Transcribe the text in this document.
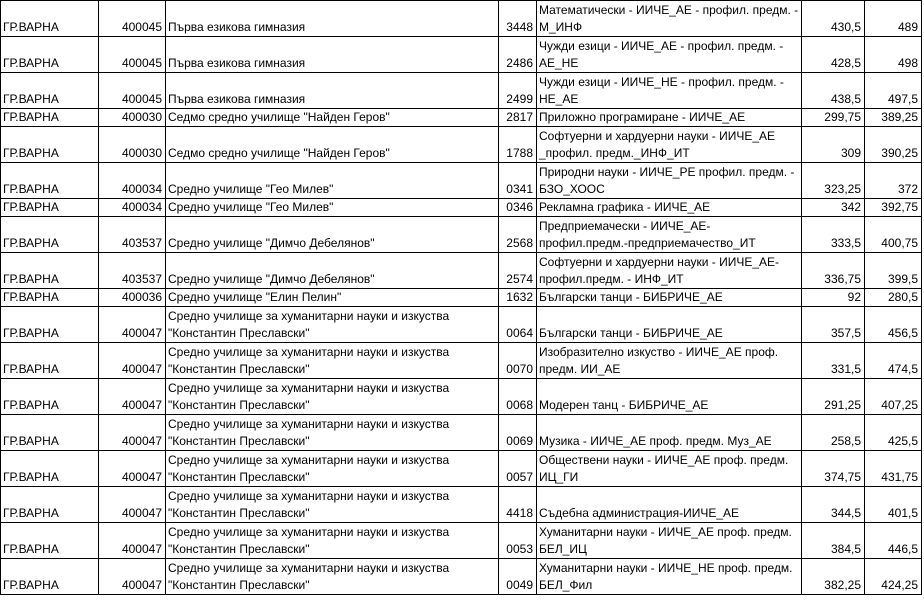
ГР.ВАРНА	400045	Първа езикова гимназия	3448	Математически - ИИЧЕ_АЕ - профил. предм. - М_ИНФ	430,5	489
ГР.ВАРНА	400045	Първа езикова гимназия	2486	Чужди езици - ИИЧЕ_АЕ - профил. предм. - АЕ_НЕ	428,5	498
ГР.ВАРНА	400045	Първа езикова гимназия	2499	Чужди езици - ИИЧЕ_НЕ - профил. предм. - НЕ_АЕ	438,5	497,5
ГР.ВАРНА	400030	Седмо средно училище "Найден Геров"	2817	Приложно програмиране - ИИЧЕ_АЕ	299,75	389,25
ГР.ВАРНА	400030	Седмо средно училище "Найден Геров"	1788	Софтуерни и хардуерни науки - ИИЧЕ_АЕ _профил. предм._ИНФ_ИТ	309	390,25
ГР.ВАРНА	400034	Средно училище "Гео Милев"	0341	Природни науки - ИИЧЕ_РЕ профил. предм. - БЗО_ХООС	323,25	372
ГР.ВАРНА	400034	Средно училище "Гео Милев"	0346	Рекламна графика - ИИЧЕ_АЕ	342	392,75
ГР.ВАРНА	403537	Средно училище "Димчо Дебелянов"	2568	Предприемачески - ИИЧЕ_АЕ-профил.предм.-предприемачество_ИТ	333,5	400,75
ГР.ВАРНА	403537	Средно училище "Димчо Дебелянов"	2574	Софтуерни и хардуерни науки - ИИЧЕ_АЕ-профил.предм. - ИНФ_ИТ	336,75	399,5
ГР.ВАРНА	400036	Средно училище "Елин Пелин"	1632	Български танци - БИБРИЧЕ_АЕ	92	280,5
ГР.ВАРНА	400047	Средно училище за хуманитарни науки и изкуства "Константин Преславски"	0064	Български танци - БИБРИЧЕ_АЕ	357,5	456,5
ГР.ВАРНА	400047	Средно училище за хуманитарни науки и изкуства "Константин Преславски"	0070	Изобразително изкуство - ИИЧЕ_АЕ проф. предм. ИИ_АЕ	331,5	474,5
ГР.ВАРНА	400047	Средно училище за хуманитарни науки и изкуства "Константин Преславски"	0068	Модерен танц - БИБРИЧЕ_АЕ	291,25	407,25
ГР.ВАРНА	400047	Средно училище за хуманитарни науки и изкуства "Константин Преславски"	0069	Музика - ИИЧЕ_АЕ проф. предм. Муз_АЕ	258,5	425,5
ГР.ВАРНА	400047	Средно училище за хуманитарни науки и изкуства "Константин Преславски"	0057	Обществени науки - ИИЧЕ_АЕ проф. предм. ИЦ_ГИ	374,75	431,75
ГР.ВАРНА	400047	Средно училище за хуманитарни науки и изкуства "Константин Преславски"	4418	Съдебна администрация-ИИЧЕ_АЕ	344,5	401,5
ГР.ВАРНА	400047	Средно училище за хуманитарни науки и изкуства "Константин Преславски"	0053	Хуманитарни науки - ИИЧЕ_АЕ проф. предм. БЕЛ_ИЦ	384,5	446,5
ГР.ВАРНА	400047	Средно училище за хуманитарни науки и изкуства "Константин Преславски"	0049	Хуманитарни науки - ИИЧЕ_НЕ проф. предм. БЕЛ_Фил	382,25	424,25
